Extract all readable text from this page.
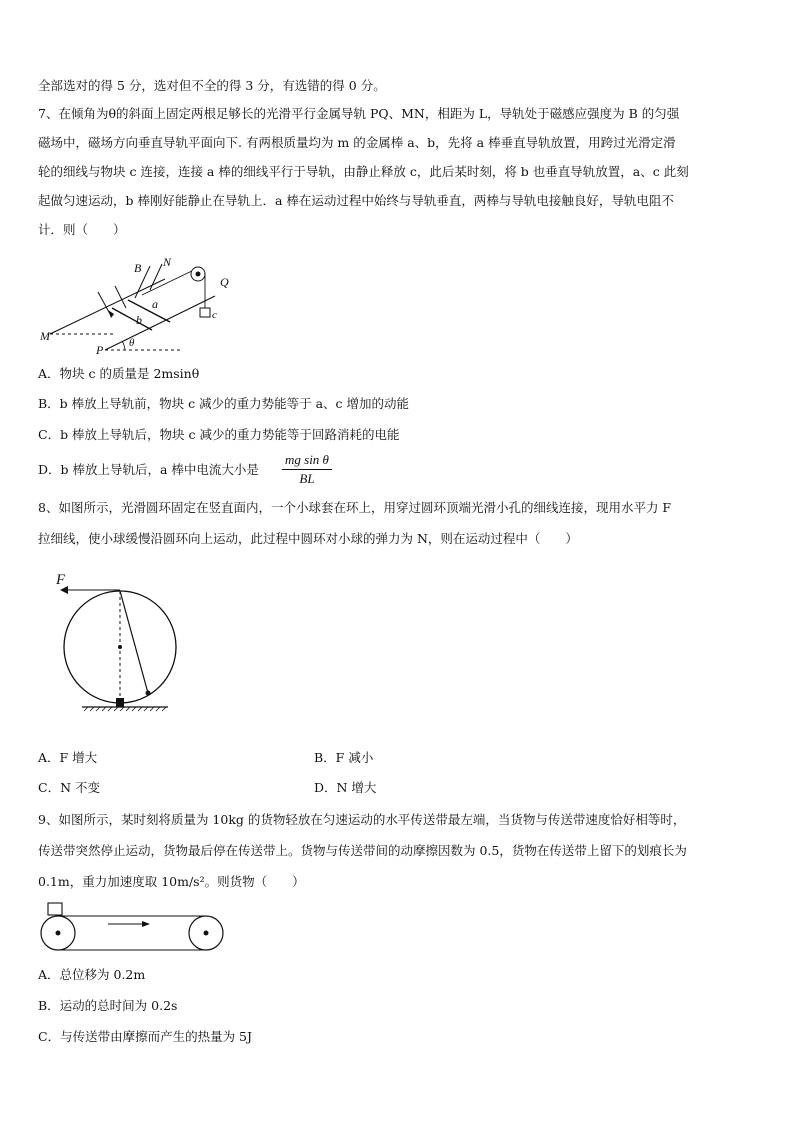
全部选对的得 5 分，选对但不全的得 3 分，有选错的得 0 分。
7、在倾角为θ的斜面上固定两根足够长的光滑平行金属导轨 PQ、MN，相距为 L，导轨处于磁感应强度为 B 的匀强
磁场中，磁场方向垂直导轨平面向下. 有两根质量均为 m 的金属棒 a、b，先将 a 棒垂直导轨放置，用跨过光滑定滑
轮的细线与物块 c 连接，连接 a 棒的细线平行于导轨，由静止释放 c，此后某时刻，将 b 也垂直导轨放置，a、c 此刻
起做匀速运动，b 棒刚好能静止在导轨上．a 棒在运动过程中始终与导轨垂直，两棒与导轨电接触良好，导轨电阻不
计．则（　　）
B N
Q
a
b	c
M
P θ
A．物块 c 的质量是 2msinθ
B．b 棒放上导轨前，物块 c 减少的重力势能等于 a、c 增加的动能
C．b 棒放上导轨后，物块 c 减少的重力势能等于回路消耗的电能
D．b 棒放上导轨后，a 棒中电流大小是 $\frac{\text{mg sin θ}}{BL}$
8、如图所示，光滑圆环固定在竖直面内，一个小球套在环上，用穿过圆环顶端光滑小孔的细线连接，现用水平力 F
拉细线，使小球缓慢沿圆环向上运动，此过程中圆环对小球的弹力为 N，则在运动过程中（　　）
F
A．F 增大	B．F 减小
C．N 不变	D．N 增大
9、如图所示，某时刻将质量为 10kg 的货物轻放在匀速运动的水平传送带最左端，当货物与传送带速度恰好相等时，
传送带突然停止运动，货物最后停在传送带上。货物与传送带间的动摩擦因数为 0.5，货物在传送带上留下的划痕长为
0.1m，重力加速度取 10m/s²。则货物（　　）
A．总位移为 0.2m
B．运动的总时间为 0.2s
C．与传送带由摩擦而产生的热量为 5J
